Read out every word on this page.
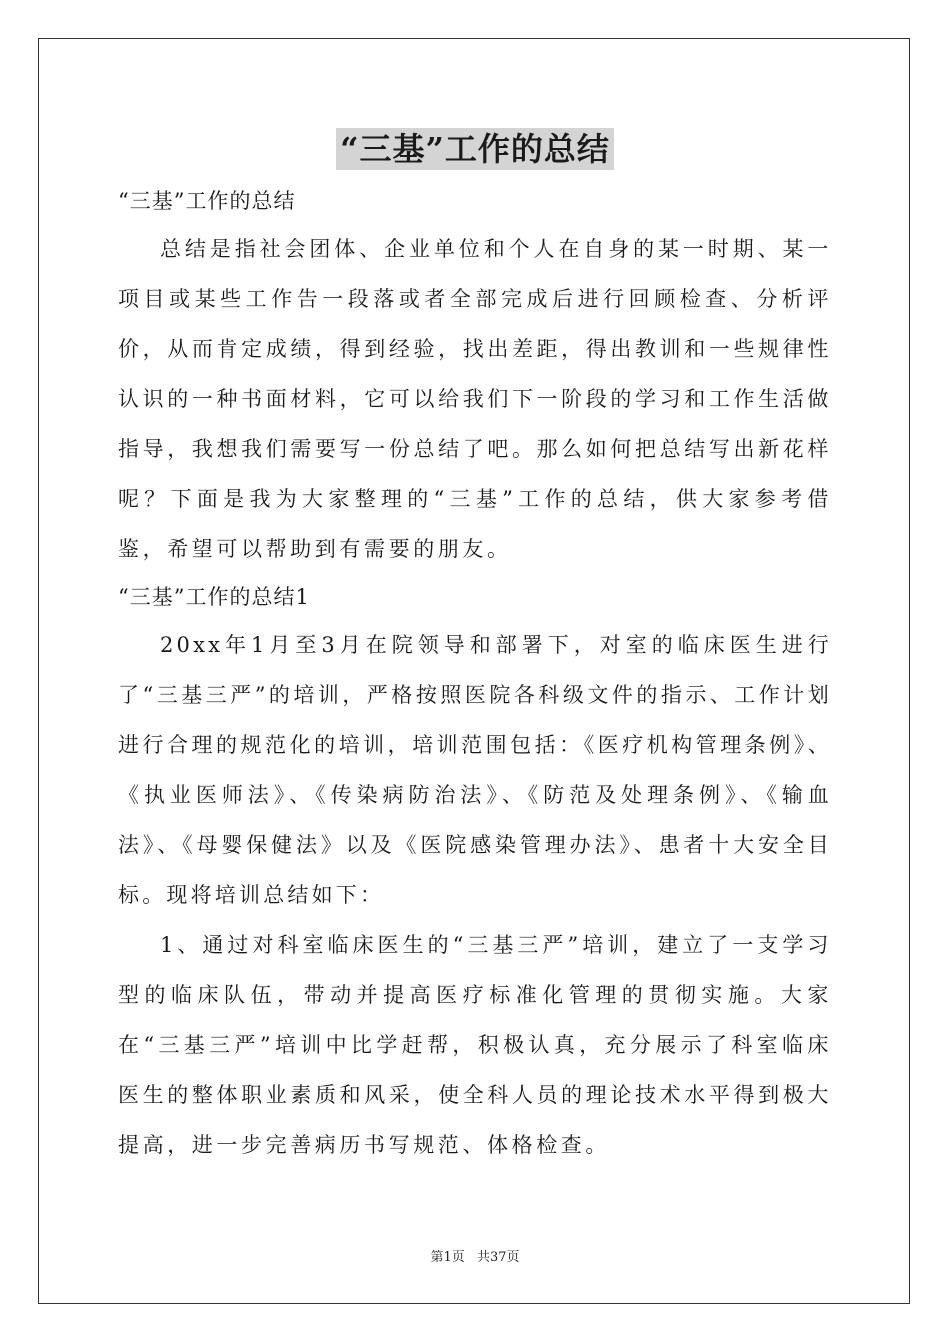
“三基”工作的总结

“三基”工作的总结

总结是指社会团体、企业单位和个人在自身的某一时期、某一项目或某些工作告一段落或者全部完成后进行回顾检查、分析评价，从而肯定成绩，得到经验，找出差距，得出教训和一些规律性认识的一种书面材料，它可以给我们下一阶段的学习和工作生活做指导，我想我们需要写一份总结了吧。那么如何把总结写出新花样呢？下面是我为大家整理的“三基”工作的总结，供大家参考借鉴，希望可以帮助到有需要的朋友。

“三基”工作的总结1

20xx年1月至3月在院领导和部署下，对室的临床医生进行了“三基三严”的培训，严格按照医院各科级文件的指示、工作计划进行合理的规范化的培训，培训范围包括：《医疗机构管理条例》、《执业医师法》、《传染病防治法》、《防范及处理条例》、《输血法》、《母婴保健法》以及《医院感染管理办法》、患者十大安全目标。现将培训总结如下：

1、通过对科室临床医生的“三基三严”培训，建立了一支学习型的临床队伍，带动并提高医疗标准化管理的贯彻实施。大家在“三基三严”培训中比学赶帮，积极认真，充分展示了科室临床医生的整体职业素质和风采，使全科人员的理论技术水平得到极大提高，进一步完善病历书写规范、体格检查。

第1页 共37页
